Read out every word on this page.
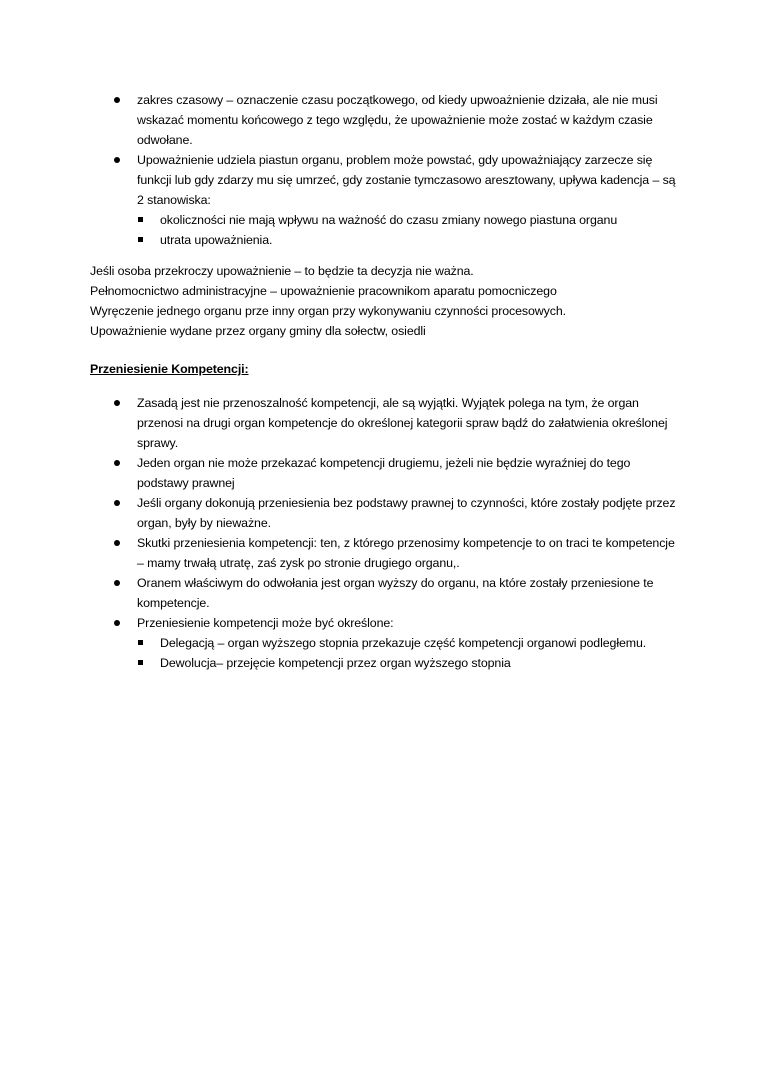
zakres czasowy – oznaczenie czasu początkowego, od kiedy upwoażnienie dzizała, ale nie musi wskazać momentu końcowego z tego względu, że upoważnienie może zostać w każdym czasie odwołane.
Upoważnienie udziela piastun organu, problem może powstać, gdy upoważniający zarzecze się funkcji lub gdy zdarzy mu się umrzeć, gdy zostanie tymczasowo aresztowany, upływa kadencja – są 2 stanowiska:
okoliczności nie mają wpływu na ważność do czasu zmiany nowego piastuna organu
utrata upoważnienia.
Jeśli osoba przekroczy upoważnienie – to będzie ta decyzja nie ważna.
Pełnomocnictwo administracyjne – upoważnienie pracownikom aparatu pomocniczego
Wyręczenie jednego organu prze inny organ przy wykonywaniu czynności procesowych.
Upoważnienie wydane przez organy gminy dla sołectw, osiedli
Przeniesienie Kompetencji:
Zasadą jest nie przenoszalność kompetencji, ale są wyjątki. Wyjątek polega na tym, że organ przenosi na drugi organ kompetencje do określonej kategorii spraw bądź do załatwienia określonej sprawy.
Jeden organ nie może przekazać kompetencji drugiemu, jeżeli nie będzie wyraźniej do tego podstawy prawnej
Jeśli organy dokonują przeniesienia bez podstawy prawnej to czynności, które zostały podjęte przez organ, były by nieważne.
Skutki przeniesienia kompetencji: ten, z którego przenosimy kompetencje to on traci te kompetencje – mamy trwałą utratę, zaś zysk po stronie drugiego organu,.
Oranem właściwym do odwołania jest organ wyższy do organu, na które zostały przeniesione te kompetencje.
Przeniesienie kompetencji może być określone:
Delegacją – organ wyższego stopnia przekazuje część kompetencji organowi podległemu.
Dewolucja– przejęcie kompetencji przez organ wyższego stopnia
